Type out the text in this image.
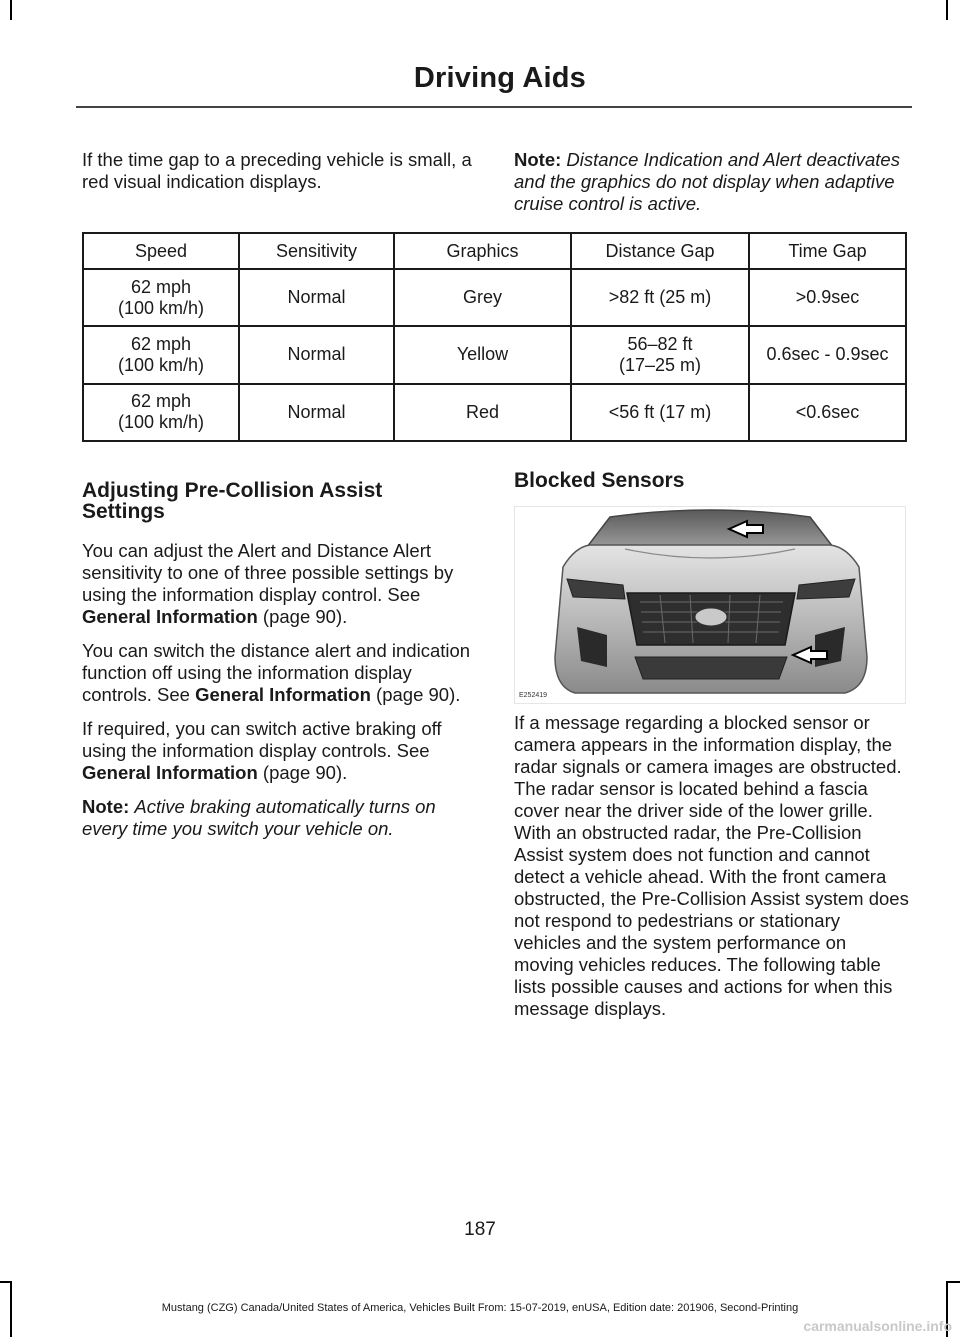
Driving Aids

If the time gap to a preceding vehicle is small, a red visual indication displays.

Note: Distance Indication and Alert deactivates and the graphics do not display when adaptive cruise control is active.

Speed	Sensitivity	Graphics	Distance Gap	Time Gap
62 mph
(100 km/h)	Normal	Grey	>82 ft (25 m)	>0.9sec
62 mph
(100 km/h)	Normal	Yellow	56–82 ft
(17–25 m)	0.6sec - 0.9sec
62 mph
(100 km/h)	Normal	Red	<56 ft (17 m)	<0.6sec
Adjusting Pre-Collision Assist
Settings

You can adjust the Alert and Distance Alert sensitivity to one of three possible settings by using the information display control. See General Information (page 90).

You can switch the distance alert and indication function off using the information display controls. See General Information (page 90).

If required, you can switch active braking off using the information display controls. See General Information (page 90).

Note: Active braking automatically turns on every time you switch your vehicle on.

Blocked Sensors
E252419

If a message regarding a blocked sensor or camera appears in the information display, the radar signals or camera images are obstructed. The radar sensor is located behind a fascia cover near the driver side of the lower grille. With an obstructed radar, the Pre-Collision Assist system does not function and cannot detect a vehicle ahead. With the front camera obstructed, the Pre-Collision Assist system does not respond to pedestrians or stationary vehicles and the system performance on moving vehicles reduces. The following table lists possible causes and actions for when this message displays.

187
Mustang (CZG) Canada/United States of America, Vehicles Built From: 15-07-2019, enUSA, Edition date: 201906, Second-Printing
carmanualsonline.info
